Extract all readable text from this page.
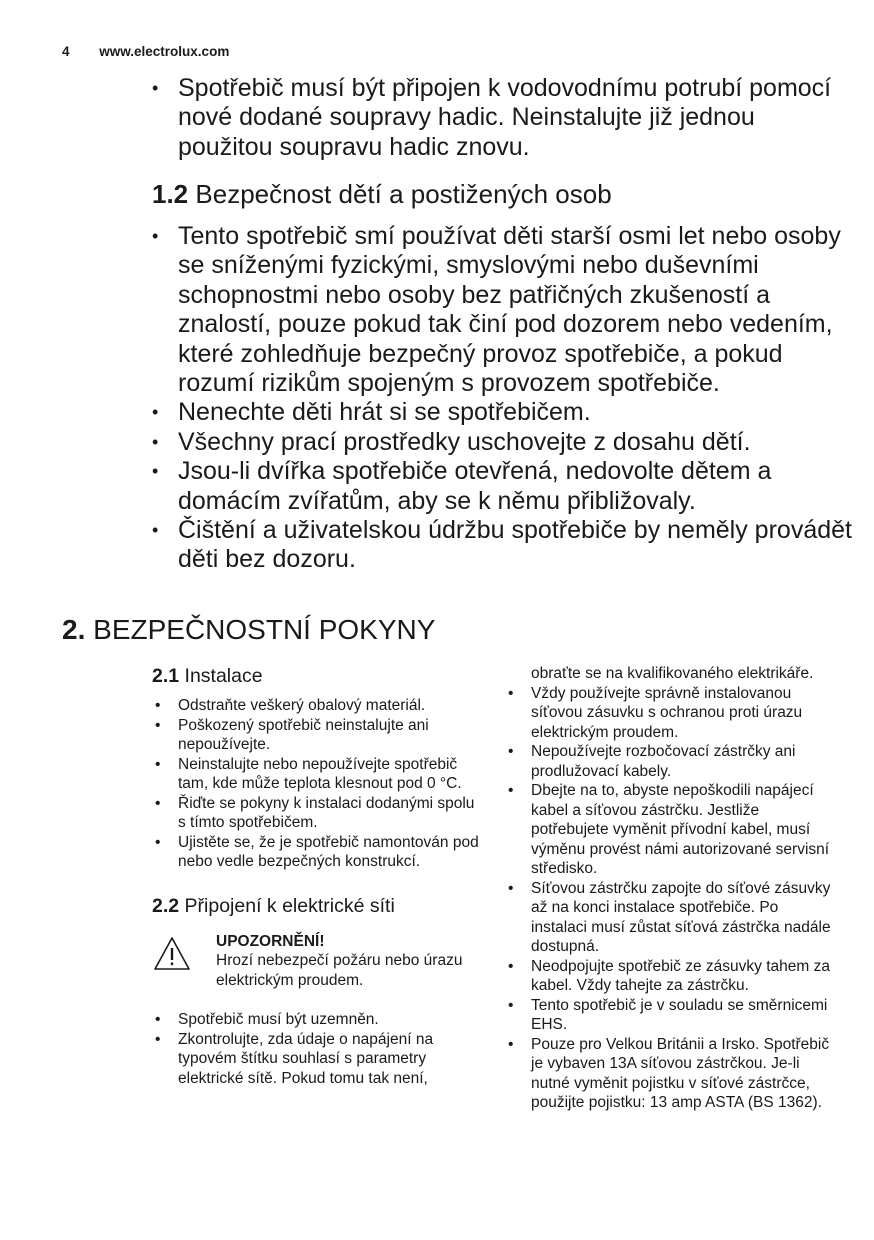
4 www.electrolux.com
• Spotřebič musí být připojen k vodovodnímu potrubí pomocí nové dodané soupravy hadic. Neinstalujte již jednou použitou soupravu hadic znovu.
1.2 Bezpečnost dětí a postižených osob
• Tento spotřebič smí používat děti starší osmi let nebo osoby se sníženými fyzickými, smyslovými nebo duševními schopnostmi nebo osoby bez patřičných zkušeností a znalostí, pouze pokud tak činí pod dozorem nebo vedením, které zohledňuje bezpečný provoz spotřebiče, a pokud rozumí rizikům spojeným s provozem spotřebiče.
• Nenechte děti hrát si se spotřebičem.
• Všechny prací prostředky uschovejte z dosahu dětí.
• Jsou-li dvířka spotřebiče otevřená, nedovolte dětem a domácím zvířatům, aby se k němu přibližovaly.
• Čištění a uživatelskou údržbu spotřebiče by neměly provádět děti bez dozoru.
2. BEZPEČNOSTNÍ POKYNY
2.1 Instalace
• Odstraňte veškerý obalový materiál.
• Poškozený spotřebič neinstalujte ani nepoužívejte.
• Neinstalujte nebo nepoužívejte spotřebič tam, kde může teplota klesnout pod 0 °C.
• Řiďte se pokyny k instalaci dodanými spolu s tímto spotřebičem.
• Ujistěte se, že je spotřebič namontován pod nebo vedle bezpečných konstrukcí.
2.2 Připojení k elektrické síti
UPOZORNĚNÍ!
Hrozí nebezpečí požáru nebo úrazu elektrickým proudem.
• Spotřebič musí být uzemněn.
• Zkontrolujte, zda údaje o napájení na typovém štítku souhlasí s parametry elektrické sítě. Pokud tomu tak není,

obraťte se na kvalifikovaného elektrikáře.

• Vždy používejte správně instalovanou síťovou zásuvku s ochranou proti úrazu elektrickým proudem.
• Nepoužívejte rozbočovací zástrčky ani prodlužovací kabely.
• Dbejte na to, abyste nepoškodili napájecí kabel a síťovou zástrčku. Jestliže potřebujete vyměnit přívodní kabel, musí výměnu provést námi autorizované servisní středisko.
• Síťovou zástrčku zapojte do síťové zásuvky až na konci instalace spotřebiče. Po instalaci musí zůstat síťová zástrčka nadále dostupná.
• Neodpojujte spotřebič ze zásuvky tahem za kabel. Vždy tahejte za zástrčku.
• Tento spotřebič je v souladu se směrnicemi EHS.
• Pouze pro Velkou Británii a Irsko. Spotřebič je vybaven 13A síťovou zástrčkou. Je-li nutné vyměnit pojistku v síťové zástrčce, použijte pojistku: 13 amp ASTA (BS 1362).
